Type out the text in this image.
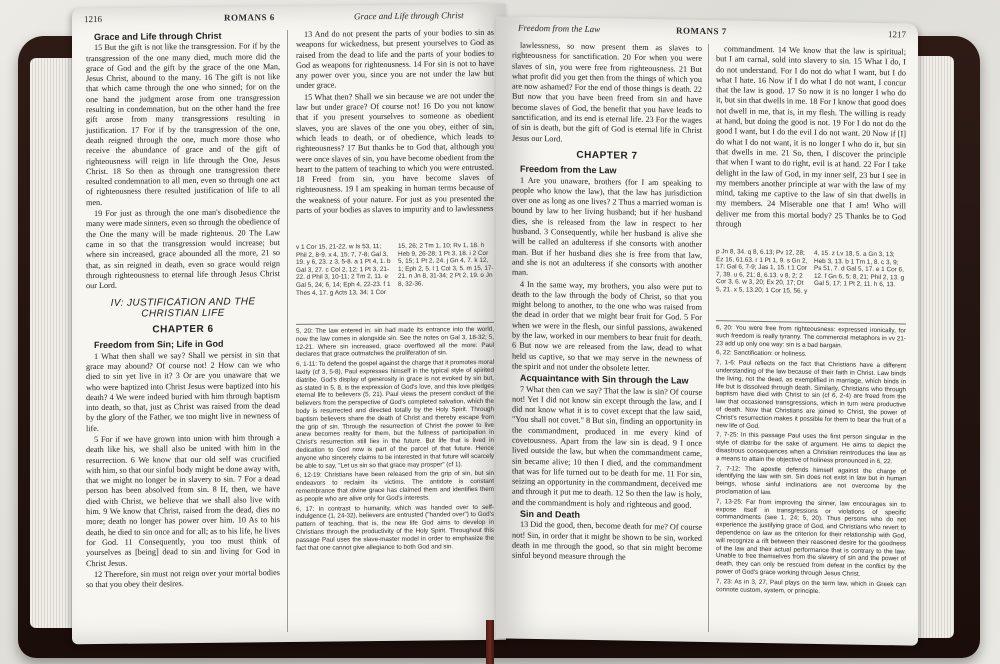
1216	ROMANS 6	Grace and Life through Christ

Grace and Life through Christ

15 But the gift is not like the transgression. For if by the transgression of the one many died, much more did the grace of God and the gift by the grace of the one Man, Jesus Christ, abound to the many. 16 The gift is not like that which came through the one who sinned; for on the one hand the judgment arose from one transgression resulting in condemnation, but on the other hand the free gift arose from many transgressions resulting in justification. 17 For if by the transgression of the one, death reigned through the one, much more those who receive the abundance of grace and of the gift of righteousness will reign in life through the One, Jesus Christ. 18 So then as through one transgression there resulted condemnation to all men, even so through one act of righteousness there resulted justification of life to all men.

19 For just as through the one man's disobedience the many were made sinners, even so through the obedience of the One the many will be made righteous. 20 The Law came in so that the transgression would increase; but where sin increased, grace abounded all the more, 21 so that, as sin reigned in death, even so grace would reign through righteousness to eternal life through Jesus Christ our Lord.

IV: JUSTIFICATION AND THE CHRISTIAN LIFE
CHAPTER 6

Freedom from Sin; Life in God

1 What then shall we say? Shall we persist in sin that grace may abound? Of course not! 2 How can we who died to sin yet live in it? 3 Or are you unaware that we who were baptized into Christ Jesus were baptized into his death? 4 We were indeed buried with him through baptism into death, so that, just as Christ was raised from the dead by the glory of the Father, we too might live in newness of life.

5 For if we have grown into union with him through a death like his, we shall also be united with him in the resurrection. 6 We know that our old self was crucified with him, so that our sinful body might be done away with, that we might no longer be in slavery to sin. 7 For a dead person has been absolved from sin. 8 If, then, we have died with Christ, we believe that we shall also live with him. 9 We know that Christ, raised from the dead, dies no more; death no longer has power over him. 10 As to his death, he died to sin once and for all; as to his life, he lives for God. 11 Consequently, you too must think of yourselves as [being] dead to sin and living for God in Christ Jesus.

12 Therefore, sin must not reign over your mortal bodies so that you obey their desires.

13 And do not present the parts of your bodies to sin as weapons for wickedness, but present yourselves to God as raised from the dead to life and the parts of your bodies to God as weapons for righteousness. 14 For sin is not to have any power over you, since you are not under the law but under grace.

15 What then? Shall we sin because we are not under the law but under grace? Of course not! 16 Do you not know that if you present yourselves to someone as obedient slaves, you are slaves of the one you obey, either of sin, which leads to death, or of obedience, which leads to righteousness? 17 But thanks be to God that, although you were once slaves of sin, you have become obedient from the heart to the pattern of teaching to which you were entrusted. 18 Freed from sin, you have become slaves of righteousness. 19 I am speaking in human terms because of the weakness of your nature. For just as you presented the parts of your bodies as slaves to impurity and to lawlessness

v 1 Cor 15, 21-22. w Is 53, 11; Phil 2, 8-9. x 4, 15; 7, 7-8; Gal 3, 19. y 6, 23. z 3, 5-8. a 1 Pt 4, 1. b Gal 3, 27. c Col 2, 12; 1 Pt 3, 21-22. d Phil 3, 10-11; 2 Tm 2, 11. e Gal 5, 24; 6, 14; Eph 4, 22-23. f 1 Thes 4, 17. g Acts 13, 34; 1 Cor 15, 26; 2 Tm 1, 10; Rv 1, 18. h Heb 9, 26-28; 1 Pt 3, 18. i 2 Cor 5, 15; 1 Pt 2, 24. j Gn 4, 7. k 12, 1; Eph 2, 5. l 1 Col 3, 5. m 15, 17-21. n Jn 8, 31-34; 2 Pt 2, 19. o Jn 8, 32-36.

5, 20: The law entered in: sin had made its entrance into the world, now the law comes in alongside sin. See the notes on Gal 3, 18-32; 5, 12-21. Where sin increased, grace overflowed all the more: Paul declares that grace outmatches the proliferation of sin.

6, 1-11: To defend the gospel against the charge that it promotes moral laxity (cf 3, 5-8), Paul expresses himself in the typical style of spirited diatribe. God's display of generosity in grace is not evoked by sin but, as stated in 5, 8, is the expression of God's love, and this love pledges eternal life to believers (5, 21). Paul views the present conduct of the believers from the perspective of God's completed salvation, which the body is resurrected and directed totally by the Holy Spirit. Through baptism believers share the death of Christ and thereby escape from the grip of sin. Through the resurrection of Christ the power to live anew becomes reality for them, but the fullness of participation in Christ's resurrection still lies in the future. But life that is lived in dedication to God now is part of the parcel of that future. Hence anyone who sincerely claims to be interested in that future will scarcely be able to say, "Let us sin so that grace may prosper" (cf 1).

6, 12-19: Christians have been released from the grip of sin, but sin endeavors to reclaim its victims. The antidote is constant remembrance that divine grace has claimed them and identifies them as people who are alive only for God's interests.

6, 17: In contrast to humanity, which was handed over to self-indulgence (1, 24-32), believers are entrusted ("handed over") to God's pattern of teaching, that is, the new life God aims to develop in Christians through the productivity of the Holy Spirit. Throughout this passage Paul uses the slave-master model in order to emphasize the fact that one cannot give allegiance to both God and sin.

Freedom from the Law	ROMANS 7	1217

lawlessness, so now present them as slaves to righteousness for sanctification. 20 For when you were slaves of sin, you were free from righteousness. 21 But what profit did you get then from the things of which you are now ashamed? For the end of those things is death. 22 But now that you have been freed from sin and have become slaves of God, the benefit that you have leads to sanctification, and its end is eternal life. 23 For the wages of sin is death, but the gift of God is eternal life in Christ Jesus our Lord.

CHAPTER 7

Freedom from the Law

1 Are you unaware, brothers (for I am speaking to people who know the law), that the law has jurisdiction over one as long as one lives? 2 Thus a married woman is bound by law to her living husband; but if her husband dies, she is released from the law in respect to her husband. 3 Consequently, while her husband is alive she will be called an adulteress if she consorts with another man. But if her husband dies she is free from that law, and she is not an adulteress if she consorts with another man.

4 In the same way, my brothers, you also were put to death to the law through the body of Christ, so that you might belong to another, to the one who was raised from the dead in order that we might bear fruit for God. 5 For when we were in the flesh, our sinful passions, awakened by the law, worked in our members to bear fruit for death. 6 But now we are released from the law, dead to what held us captive, so that we may serve in the newness of the spirit and not under the obsolete letter.

Acquaintance with Sin through the Law

7 What then can we say? That the law is sin? Of course not! Yet I did not know sin except through the law, and I did not know what it is to covet except that the law said, "You shall not covet." 8 But sin, finding an opportunity in the commandment, produced in me every kind of covetousness. Apart from the law sin is dead. 9 I once lived outside the law, but when the commandment came, sin became alive; 10 then I died, and the commandment that was for life turned out to be death for me. 11 For sin, seizing an opportunity in the commandment, deceived me and through it put me to death. 12 So then the law is holy, and the commandment is holy and righteous and good.

Sin and Death

13 Did the good, then, become death for me? Of course not! Sin, in order that it might be shown to be sin, worked death in me through the good, so that sin might become sinful beyond measure through the

commandment. 14 We know that the law is spiritual; but I am carnal, sold into slavery to sin. 15 What I do, I do not understand. For I do not do what I want, but I do what I hate. 16 Now if I do what I do not want, I concur that the law is good. 17 So now it is no longer I who do it, but sin that dwells in me. 18 For I know that good does not dwell in me, that is, in my flesh. The willing is ready at hand, but doing the good is not. 19 For I do not do the good I want, but I do the evil I do not want. 20 Now if [I] do what I do not want, it is no longer I who do it, but sin that dwells in me. 21 So, then, I discover the principle that when I want to do right, evil is at hand. 22 For I take delight in the law of God, in my inner self, 23 but I see in my members another principle at war with the law of my mind, taking me captive to the law of sin that dwells in my members. 24 Miserable one that I am! Who will deliver me from this mortal body? 25 Thanks be to God through

p Jn 8, 34. q 8, 6.13; Pv 12, 28; Ez 16, 61.63. r 1 Pt 1, 9. s Gn 2, 17; Gal 6, 7-9; Jas 1, 15. t 1 Cor 7, 39. u 6, 21; 8, 6.13. v 8, 2; 2 Cor 3, 6. w 3, 20; Ex 20, 17; Dt 5, 21. x 5, 13.20; 1 Cor 15, 56. y 4, 15. z Lv 18, 5. a Gn 3, 13; Heb 3, 13. b 1 Tm 1, 8. c 3, 9; Ps 51, 7. d Gal 5, 17. e 1 Cor 6, 12. f Gn 6, 5; 8, 21; Phil 2, 13. g Gal 5, 17; 1 Pt 2, 11. h 6, 13.

6, 20: You were free from righteousness: expressed ironically, for such freedom is really tyranny. The commercial metaphors in vv 21-23 add up only one way: sin is a bad bargain.

6, 22: Sanctification: or holiness.

7, 1-6: Paul reflects on the fact that Christians have a different understanding of the law because of their faith in Christ. Law binds the living, not the dead, as exemplified in marriage, which binds in life but is dissolved through death. Similarly, Christians who through baptism have died with Christ to sin (cf 6, 2-4) are freed from the law that occasioned transgressions, which in turn were productive of death. Now that Christians are joined to Christ, the power of Christ's resurrection makes it possible for them to bear the fruit of a new life of God.

7, 7-25: In this passage Paul uses the first person singular in the style of diatribe for the sake of argument. He aims to depict the disastrous consequences when a Christian reintroduces the law as a means to attain the objective of holiness pronounced in 6, 22.

7, 7-12: The apostle defends himself against the charge of identifying the law with sin. Sin does not exist in law but in human beings, whose sinful inclinations are not overcome by the proclamation of law.

7, 13-25: Far from improving the sinner, law encourages sin to expose itself in transgressions or violations of specific commandments (see 1, 24; 5, 20). Thus persons who do not experience the justifying grace of God, and Christians who revert to dependence on law as the criterion for their relationship with God, will recognize a rift between their reasoned desire for the goodness of the law and their actual performance that is contrary to the law. Unable to free themselves from the slavery of sin and the power of death, they can only be rescued from defeat in the conflict by the power of God's grace working through Jesus Christ.

7, 23: As in 3, 27, Paul plays on the term law, which in Greek can connote custom, system, or principle.
